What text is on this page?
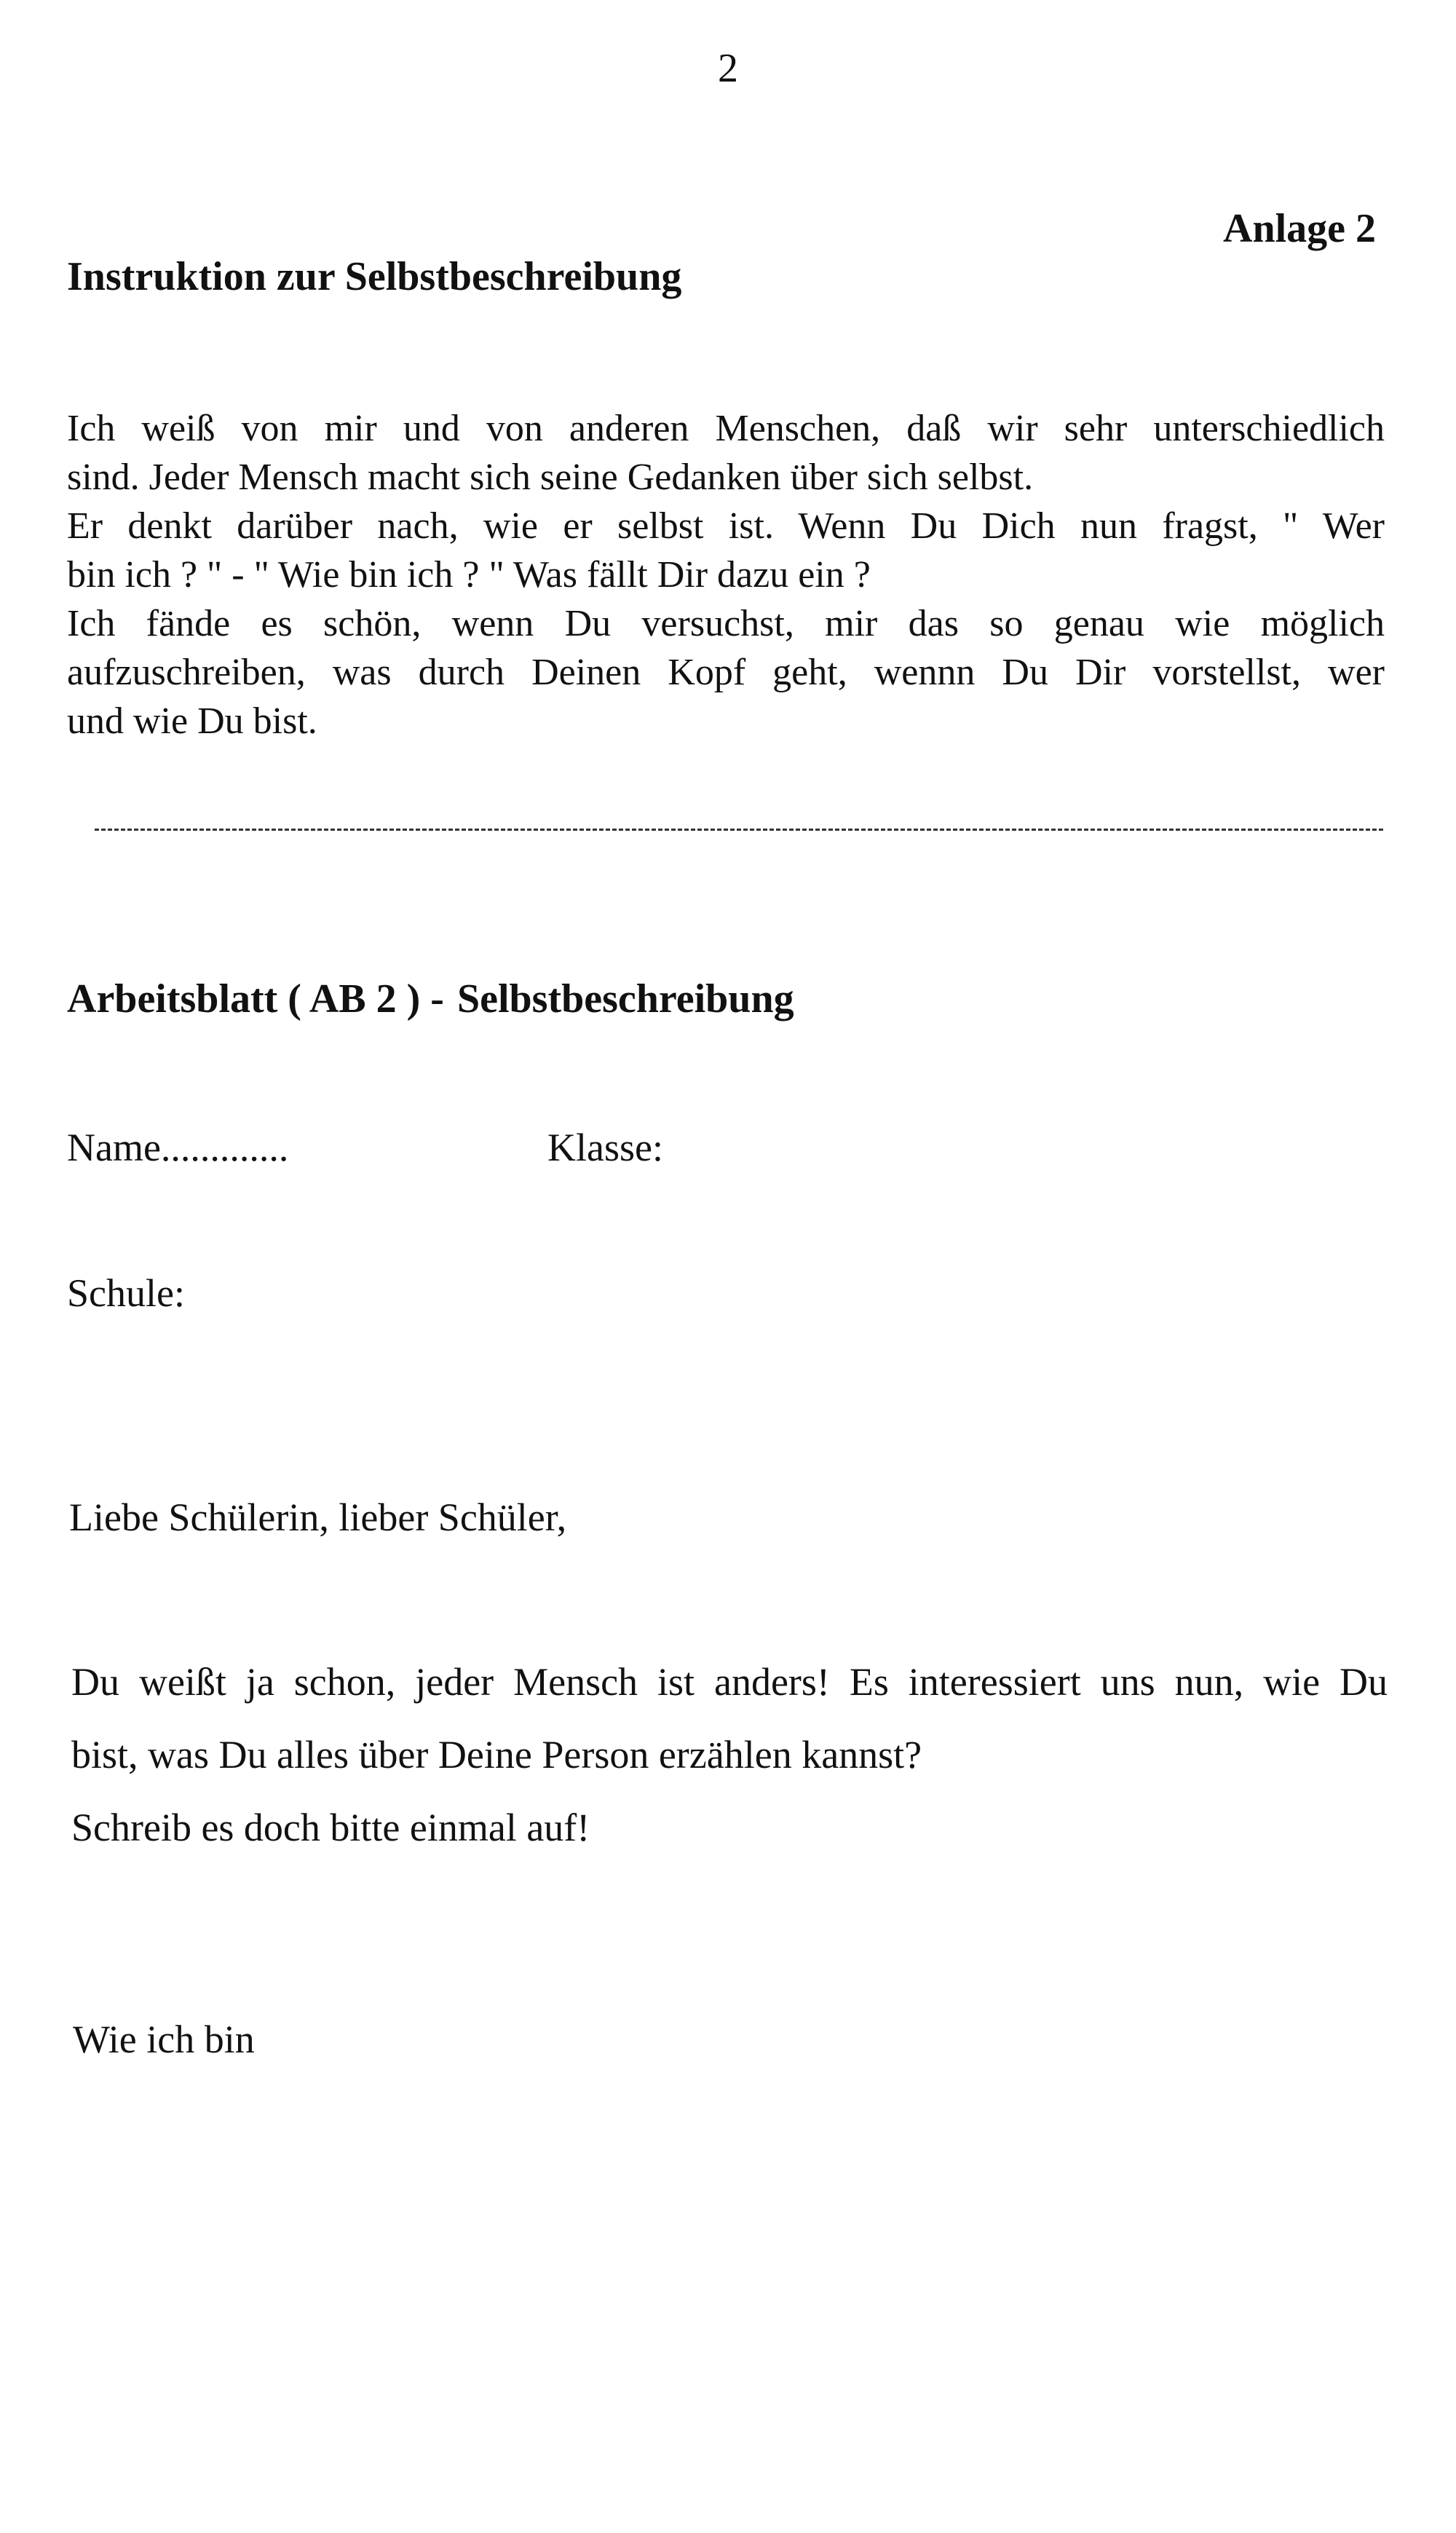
2
Anlage 2
Instruktion zur Selbstbeschreibung
Ich weiß von mir und von anderen Menschen, daß wir sehr unterschiedlich
sind. Jeder Mensch macht sich seine Gedanken über sich selbst.
Er denkt darüber nach, wie er selbst ist. Wenn Du Dich nun fragst, " Wer
bin ich ? " - " Wie bin ich ? " Was fällt Dir dazu ein ?
Ich fände es schön, wenn Du versuchst, mir das so genau wie möglich
aufzuschreiben, was durch Deinen Kopf geht, wennn Du Dir vorstellst, wer
und wie Du bist.
Arbeitsblatt ( AB 2 ) - Selbstbeschreibung
Name.............	Klasse:
Schule:
Liebe Schülerin, lieber Schüler,
Du weißt ja schon, jeder Mensch ist anders! Es interessiert uns nun, wie Du
bist, was Du alles über Deine Person erzählen kannst?
Schreib es doch bitte einmal auf!
Wie ich bin
